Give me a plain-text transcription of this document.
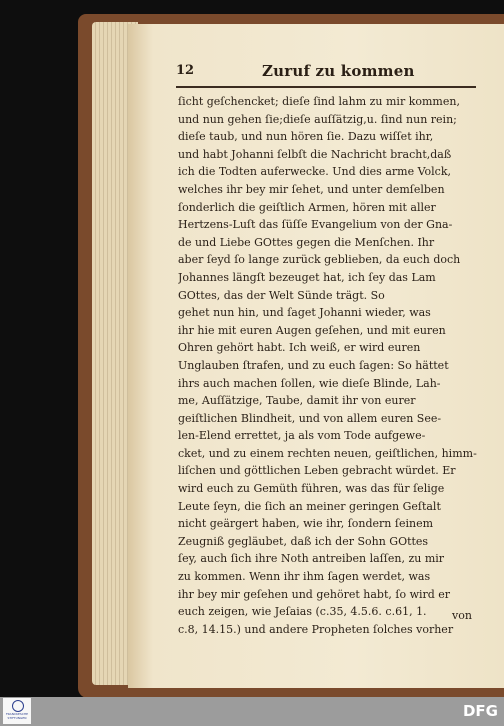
12	Zuruf zu kommen
ſicht geſchencket; dieſe ſind lahm zu mir kommen,
und nun gehen ſie;dieſe auſſätzig,u. ſind nun rein;
dieſe taub, und nun hören ſie. Dazu wiſſet ihr,
und habt Johanni ſelbſt die Nachricht bracht,daß
ich die Todten auferwecke. Und dies arme Volck,
welches ihr bey mir ſehet, und unter demſelben
ſonderlich die geiſtlich Armen, hören mit aller
Hertzens-Luſt das ſüſſe Evangelium von der Gna-
de und Liebe GOttes gegen die Menſchen. Ihr
aber ſeyd ſo lange zurück geblieben, da euch doch
Johannes längſt bezeuget hat, ich ſey das Lam
GOttes, das der Welt Sünde trägt. So
gehet nun hin, und ſaget Johanni wieder, was
ihr hie mit euren Augen geſehen, und mit euren
Ohren gehört habt. Ich weiß, er wird euren
Unglauben ſtrafen, und zu euch ſagen: So hättet
ihrs auch machen ſollen, wie dieſe Blinde, Lah-
me, Auſſätzige, Taube, damit ihr von eurer
geiſtlichen Blindheit, und von allem euren See-
len-Elend errettet, ja als vom Tode aufgewe-
cket, und zu einem rechten neuen, geiſtlichen, himm-
liſchen und göttlichen Leben gebracht würdet. Er
wird euch zu Gemüth führen, was das für ſelige
Leute ſeyn, die ſich an meiner geringen Geſtalt
nicht geärgert haben, wie ihr, ſondern ſeinem
Zeugniß gegläubet, daß ich der Sohn GOttes
ſey, auch ſich ihre Noth antreiben laſſen, zu mir
zu kommen. Wenn ihr ihm ſagen werdet, was
ihr bey mir geſehen und gehöret habt, ſo wird er
euch zeigen, wie Jeſaias (c.35, 4.5.6. c.61, 1.
c.8, 14.15.) und andere Propheten ſolches vorher
von
FRANCKESCHE
STIFTUNGEN	DFG
